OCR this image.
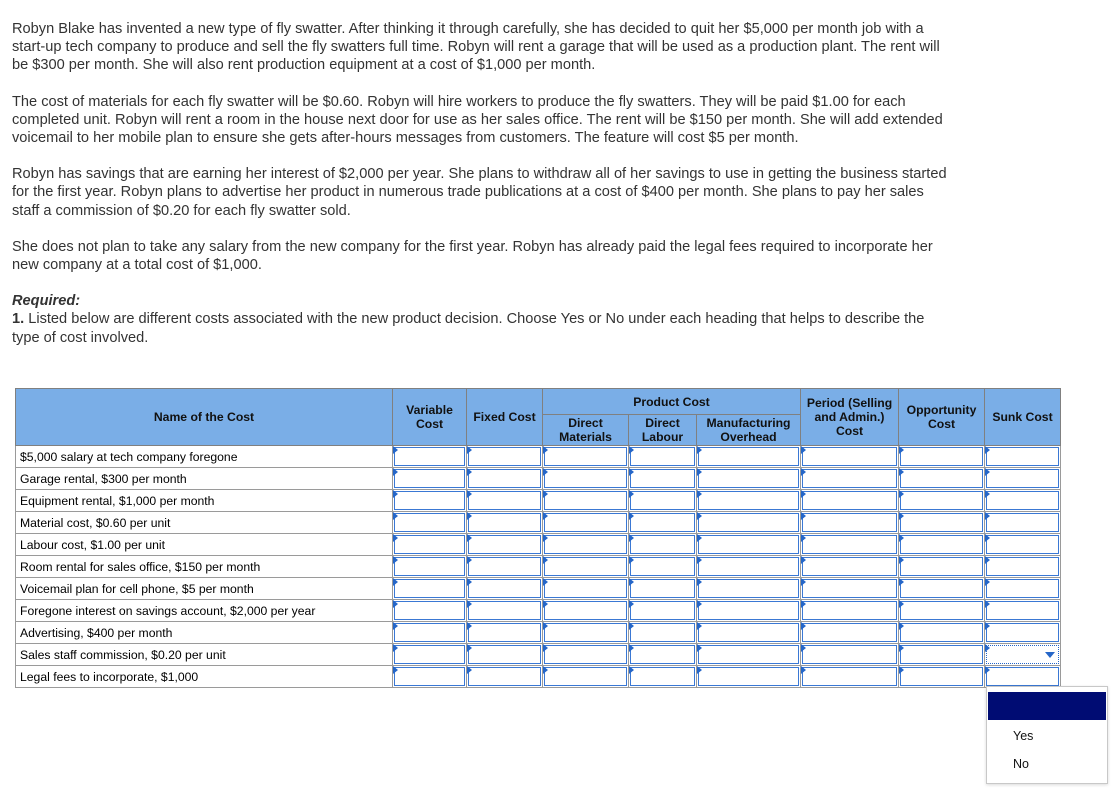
Robyn Blake has invented a new type of fly swatter. After thinking it through carefully, she has decided to quit her $5,000 per month job with a start-up tech company to produce and sell the fly swatters full time. Robyn will rent a garage that will be used as a production plant. The rent will be $300 per month. She will also rent production equipment at a cost of $1,000 per month.

The cost of materials for each fly swatter will be $0.60. Robyn will hire workers to produce the fly swatters. They will be paid $1.00 for each completed unit. Robyn will rent a room in the house next door for use as her sales office. The rent will be $150 per month. She will add extended voicemail to her mobile plan to ensure she gets after-hours messages from customers. The feature will cost $5 per month.

Robyn has savings that are earning her interest of $2,000 per year. She plans to withdraw all of her savings to use in getting the business started for the first year. Robyn plans to advertise her product in numerous trade publications at a cost of $400 per month. She plans to pay her sales staff a commission of $0.20 for each fly swatter sold.

She does not plan to take any salary from the new company for the first year. Robyn has already paid the legal fees required to incorporate her new company at a total cost of $1,000.

Required:
1. Listed below are different costs associated with the new product decision. Choose Yes or No under each heading that helps to describe the type of cost involved.
Name of the Cost	Variable Cost	Fixed Cost	Product Cost			Period (Selling and Admin.) Cost	Opportunity Cost	Sunk Cost
			Direct Materials	Direct Labour	Manufacturing Overhead			
$5,000 salary at tech company foregone	

Garage rental, $300 per month	

Equipment rental, $1,000 per month	

Material cost, $0.60 per unit	

Labour cost, $1.00 per unit	

Room rental for sales office, $150 per month	

Voicemail plan for cell phone, $5 per month	

Foregone interest on savings account, $2,000 per year	

Advertising, $400 per month	

Sales staff commission, $0.20 per unit	

Legal fees to incorporate, $1,000	

Yes
No
